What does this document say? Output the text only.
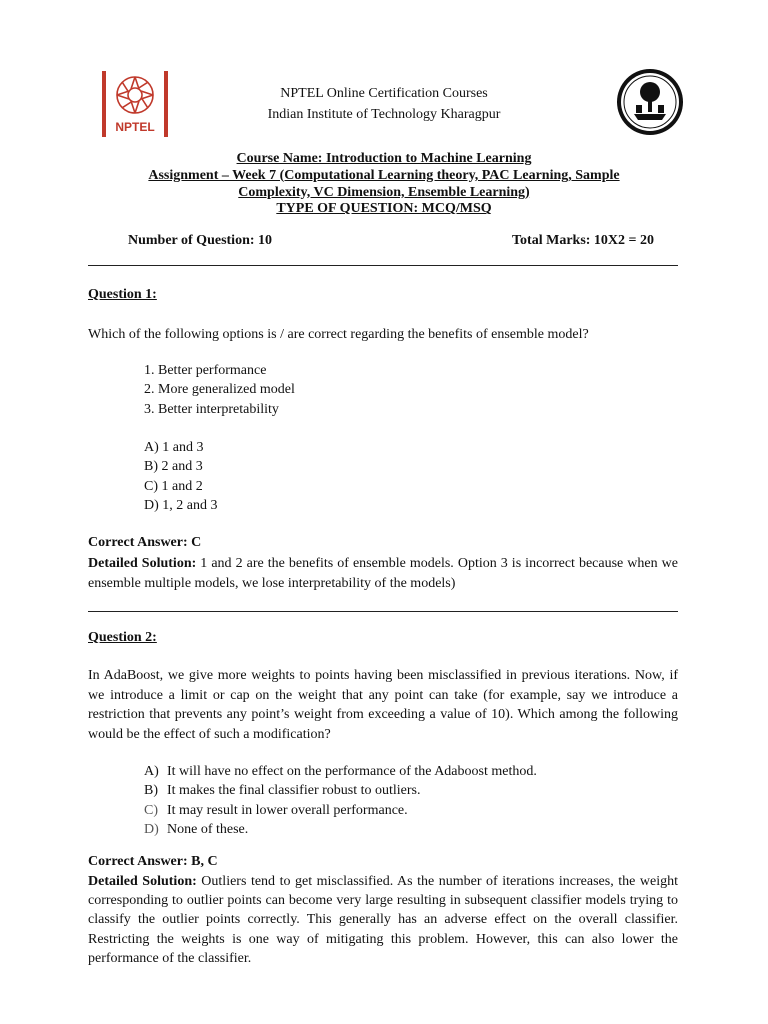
NPTEL
NPTEL Online Certification Courses
Indian Institute of Technology Kharagpur
Course Name: Introduction to Machine Learning
Assignment – Week 7 (Computational Learning theory, PAC Learning, Sample
Complexity, VC Dimension, Ensemble Learning)
TYPE OF QUESTION: MCQ/MSQ
Number of Question: 10	Total Marks: 10X2 = 20
Question 1:
Which of the following options is / are correct regarding the benefits of ensemble model?
1. Better performance
2. More generalized model
3. Better interpretability
A) 1 and 3
B) 2 and 3
C) 1 and 2
D) 1, 2 and 3
Correct Answer: C
Detailed Solution: 1 and 2 are the benefits of ensemble models. Option 3 is incorrect because when we ensemble multiple models, we lose interpretability of the models)
Question 2:
In AdaBoost, we give more weights to points having been misclassified in previous iterations. Now, if we introduce a limit or cap on the weight that any point can take (for example, say we introduce a restriction that prevents any point’s weight from exceeding a value of 10). Which among the following would be the effect of such a modification?
A) It will have no effect on the performance of the Adaboost method.
B) It makes the final classifier robust to outliers.
C) It may result in lower overall performance.
D) None of these.
Correct Answer: B, C
Detailed Solution: Outliers tend to get misclassified. As the number of iterations increases, the weight corresponding to outlier points can become very large resulting in subsequent classifier models trying to classify the outlier points correctly. This generally has an adverse effect on the overall classifier. Restricting the weights is one way of mitigating this problem. However, this can also lower the performance of the classifier.
